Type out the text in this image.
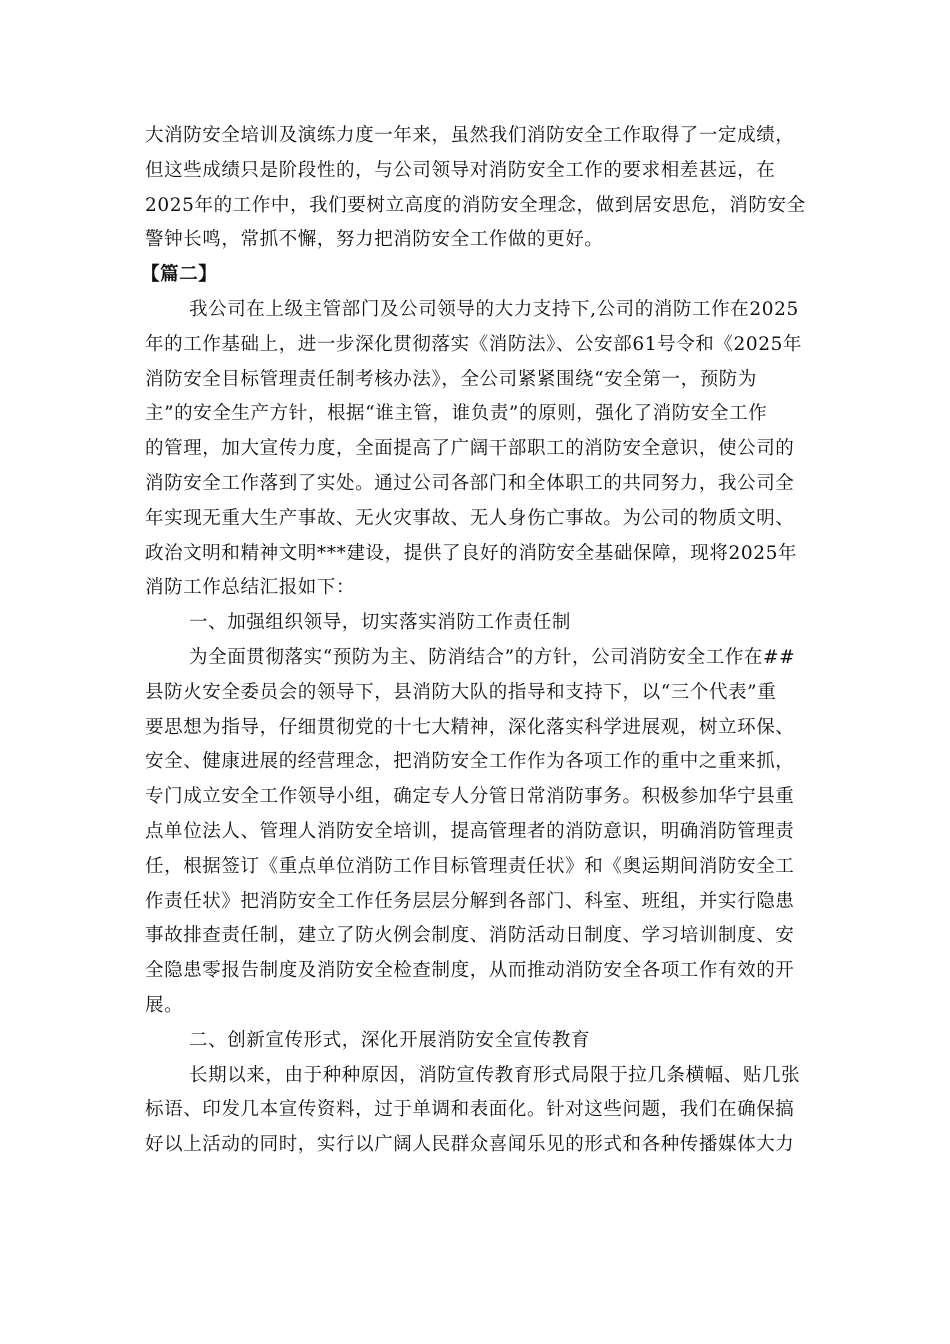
大消防安全培训及演练力度一年来，虽然我们消防安全工作取得了一定成绩，
但这些成绩只是阶段性的，与公司领导对消防安全工作的要求相差甚远，在
2025年的工作中，我们要树立高度的消防安全理念，做到居安思危，消防安全
警钟长鸣，常抓不懈，努力把消防安全工作做的更好。
【篇二】
我公司在上级主管部门及公司领导的大力支持下,公司的消防工作在2025
年的工作基础上，进一步深化贯彻落实《消防法》、公安部61号令和《2025年
消防安全目标管理责任制考核办法》，全公司紧紧围绕“安全第一，预防为
主”的安全生产方针，根据“谁主管，谁负责”的原则，强化了消防安全工作
的管理，加大宣传力度，全面提高了广阔干部职工的消防安全意识，使公司的
消防安全工作落到了实处。通过公司各部门和全体职工的共同努力，我公司全
年实现无重大生产事故、无火灾事故、无人身伤亡事故。为公司的物质文明、
政治文明和精神文明***建设，提供了良好的消防安全基础保障，现将2025年
消防工作总结汇报如下：
一、加强组织领导，切实落实消防工作责任制
为全面贯彻落实“预防为主、防消结合”的方针，公司消防安全工作在##
县防火安全委员会的领导下，县消防大队的指导和支持下，以“三个代表”重
要思想为指导，仔细贯彻党的十七大精神，深化落实科学进展观，树立环保、
安全、健康进展的经营理念，把消防安全工作作为各项工作的重中之重来抓，
专门成立安全工作领导小组，确定专人分管日常消防事务。积极参加华宁县重
点单位法人、管理人消防安全培训，提高管理者的消防意识，明确消防管理责
任，根据签订《重点单位消防工作目标管理责任状》和《奥运期间消防安全工
作责任状》把消防安全工作任务层层分解到各部门、科室、班组，并实行隐患
事故排查责任制，建立了防火例会制度、消防活动日制度、学习培训制度、安
全隐患零报告制度及消防安全检查制度，从而推动消防安全各项工作有效的开
展。
二、创新宣传形式，深化开展消防安全宣传教育
长期以来，由于种种原因，消防宣传教育形式局限于拉几条横幅、贴几张
标语、印发几本宣传资料，过于单调和表面化。针对这些问题，我们在确保搞
好以上活动的同时，实行以广阔人民群众喜闻乐见的形式和各种传播媒体大力
